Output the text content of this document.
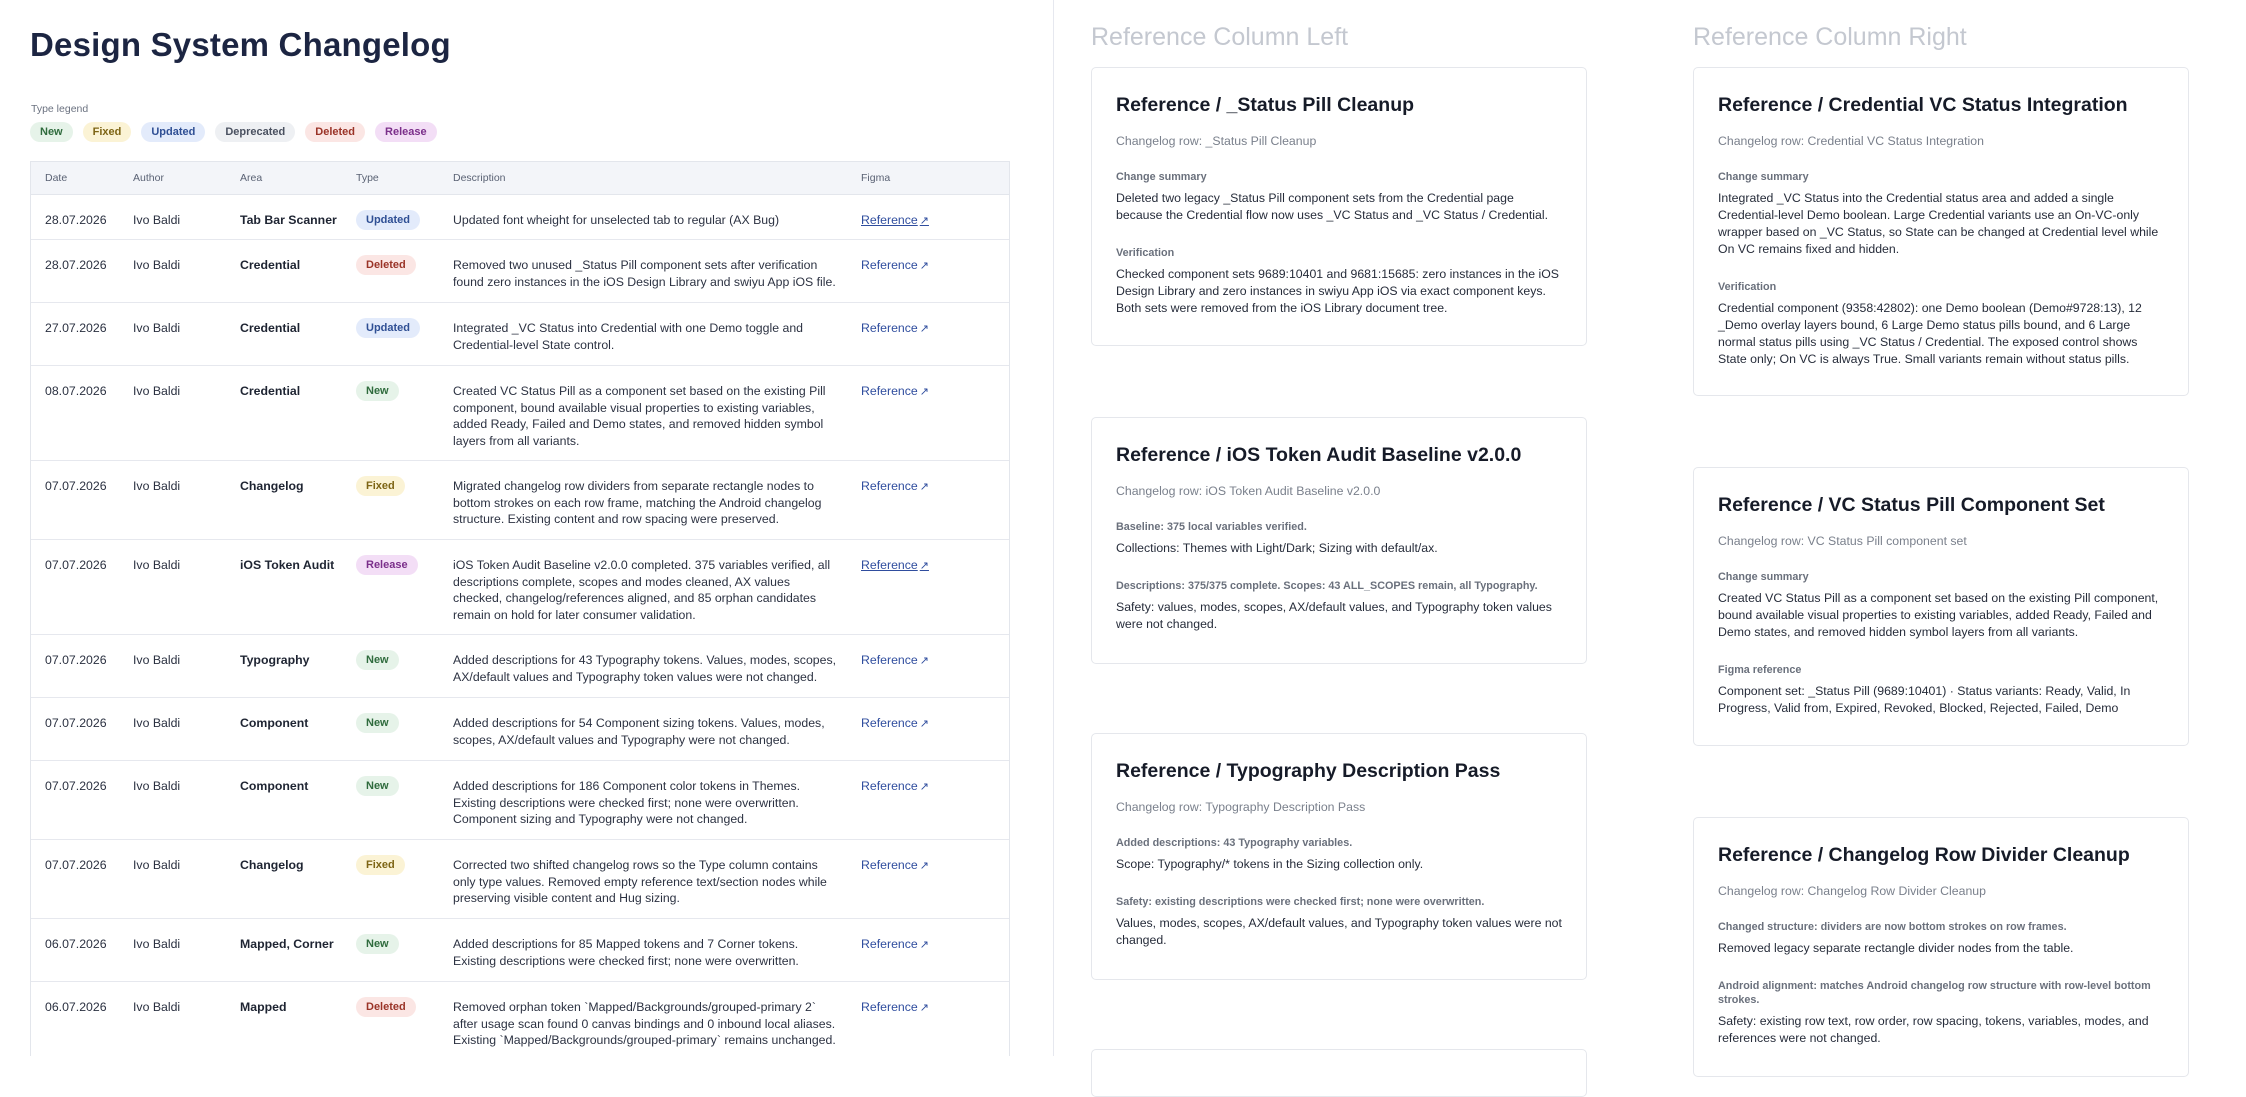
Design System Changelog
Type legend
New	Fixed	Updated	Deprecated	Deleted	Release
Date	Author	Area	Type	Description	Figma
28.07.2026	Ivo Baldi	Tab Bar Scanner	Updated	Updated font wheight for unselected tab to regular (AX Bug)	Reference ↗
28.07.2026	Ivo Baldi	Credential	Deleted	Removed two unused _Status Pill component sets after verification found zero instances in the iOS Design Library and swiyu App iOS file.
Reference ↗
27.07.2026	Ivo Baldi	Credential	Updated	Integrated _VC Status into Credential with one Demo toggle and Credential-level State control.
Reference ↗
08.07.2026	Ivo Baldi	Credential	New	Created VC Status Pill as a component set based on the existing Pill component, bound available visual properties to existing variables, added Ready, Failed and Demo states, and removed hidden symbol layers from all variants.
Reference ↗
07.07.2026	Ivo Baldi	Changelog	Fixed	Migrated changelog row dividers from separate rectangle nodes to bottom strokes on each row frame, matching the Android changelog structure. Existing content and row spacing were preserved.
Reference ↗
07.07.2026	Ivo Baldi	iOS Token Audit	Release	iOS Token Audit Baseline v2.0.0 completed. 375 variables verified, all descriptions complete, scopes and modes cleaned, AX values checked, changelog/references aligned, and 85 orphan candidates remain on hold for later consumer validation.
Reference ↗
07.07.2026	Ivo Baldi	Typography	New	Added descriptions for 43 Typography tokens. Values, modes, scopes, AX/default values and Typography token values were not changed.
Reference ↗
07.07.2026	Ivo Baldi	Component	New	Added descriptions for 54 Component sizing tokens. Values, modes, scopes, AX/default values and Typography were not changed.
Reference ↗
07.07.2026	Ivo Baldi	Component	New	Added descriptions for 186 Component color tokens in Themes. Existing descriptions were checked first; none were overwritten. Component sizing and Typography were not changed.
Reference ↗
07.07.2026	Ivo Baldi	Changelog	Fixed	Corrected two shifted changelog rows so the Type column contains only type values. Removed empty reference text/section nodes while preserving visible content and Hug sizing.
Reference ↗
06.07.2026	Ivo Baldi	Mapped, Corner	New	Added descriptions for 85 Mapped tokens and 7 Corner tokens. Existing descriptions were checked first; none were overwritten.
Reference ↗
06.07.2026	Ivo Baldi	Mapped	Deleted	Removed orphan token `Mapped/Backgrounds/grouped-primary 2` after usage scan found 0 canvas bindings and 0 inbound local aliases. Existing `Mapped/Backgrounds/grouped-primary` remains unchanged.
Reference ↗
Reference Column Left	Reference Column Right
Reference / _Status Pill Cleanup
Changelog row: _Status Pill Cleanup
Change summary
Deleted two legacy _Status Pill component sets from the Credential page because the Credential flow now uses _VC Status and _VC Status / Credential.
Verification
Checked component sets 9689:10401 and 9681:15685: zero instances in the iOS Design Library and zero instances in swiyu App iOS via exact component keys. Both sets were removed from the iOS Library document tree.
Reference / iOS Token Audit Baseline v2.0.0
Changelog row: iOS Token Audit Baseline v2.0.0
Baseline: 375 local variables verified.
Collections: Themes with Light/Dark; Sizing with default/ax.
Descriptions: 375/375 complete. Scopes: 43 ALL_SCOPES remain, all Typography.
Safety: values, modes, scopes, AX/default values, and Typography token values were not changed.
Reference / Typography Description Pass
Changelog row: Typography Description Pass
Added descriptions: 43 Typography variables.
Scope: Typography/* tokens in the Sizing collection only.
Safety: existing descriptions were checked first; none were overwritten.
Values, modes, scopes, AX/default values, and Typography token values were not changed.
Reference / Credential VC Status Integration
Changelog row: Credential VC Status Integration
Change summary
Integrated _VC Status into the Credential status area and added a single Credential-level Demo boolean. Large Credential variants use an On-VC-only wrapper based on _VC Status, so State can be changed at Credential level while On VC remains fixed and hidden.
Verification
Credential component (9358:42802): one Demo boolean (Demo#9728:13), 12 _Demo overlay layers bound, 6 Large Demo status pills bound, and 6 Large normal status pills using _VC Status / Credential. The exposed control shows State only; On VC is always True. Small variants remain without status pills.
Reference / VC Status Pill Component Set
Changelog row: VC Status Pill component set
Change summary
Created VC Status Pill as a component set based on the existing Pill component, bound available visual properties to existing variables, added Ready, Failed and Demo states, and removed hidden symbol layers from all variants.
Figma reference
Component set: _Status Pill (9689:10401) · Status variants: Ready, Valid, In Progress, Valid from, Expired, Revoked, Blocked, Rejected, Failed, Demo
Reference / Changelog Row Divider Cleanup
Changelog row: Changelog Row Divider Cleanup
Changed structure: dividers are now bottom strokes on row frames.
Removed legacy separate rectangle divider nodes from the table.
Android alignment: matches Android changelog row structure with row-level bottom strokes.
Safety: existing row text, row order, row spacing, tokens, variables, modes, and references were not changed.
